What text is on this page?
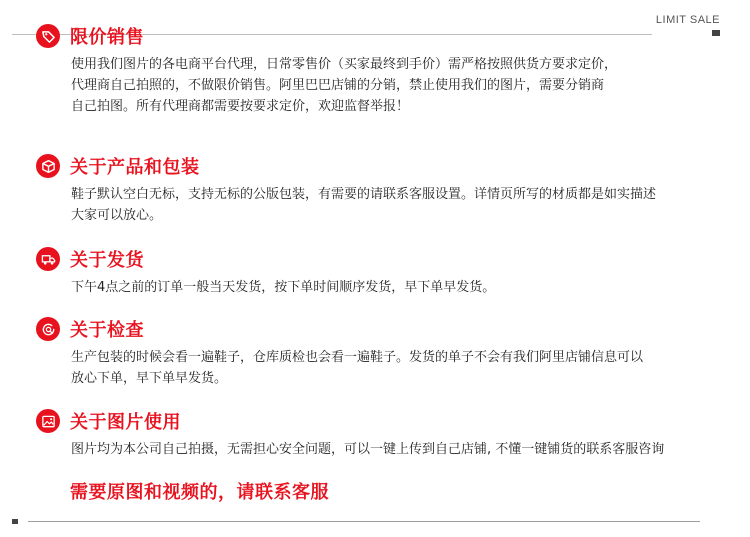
LIMIT SALE
限价销售
使用我们图片的各电商平台代理，日常零售价（买家最终到手价）需严格按照供货方要求定价，
代理商自己拍照的，不做限价销售。阿里巴巴店铺的分销，禁止使用我们的图片，需要分销商
自己拍图。所有代理商都需要按要求定价，欢迎监督举报！
关于产品和包装
鞋子默认空白无标，支持无标的公版包装，有需要的请联系客服设置。详情页所写的材质都是如实描述
大家可以放心。
关于发货
下午4点之前的订单一般当天发货，按下单时间顺序发货，早下单早发货。
关于检查
生产包装的时候会看一遍鞋子，仓库质检也会看一遍鞋子。发货的单子不会有我们阿里店铺信息可以
放心下单，早下单早发货。
关于图片使用
图片均为本公司自己拍摄，无需担心安全问题，可以一键上传到自己店铺, 不懂一键铺货的联系客服咨询
需要原图和视频的，请联系客服
